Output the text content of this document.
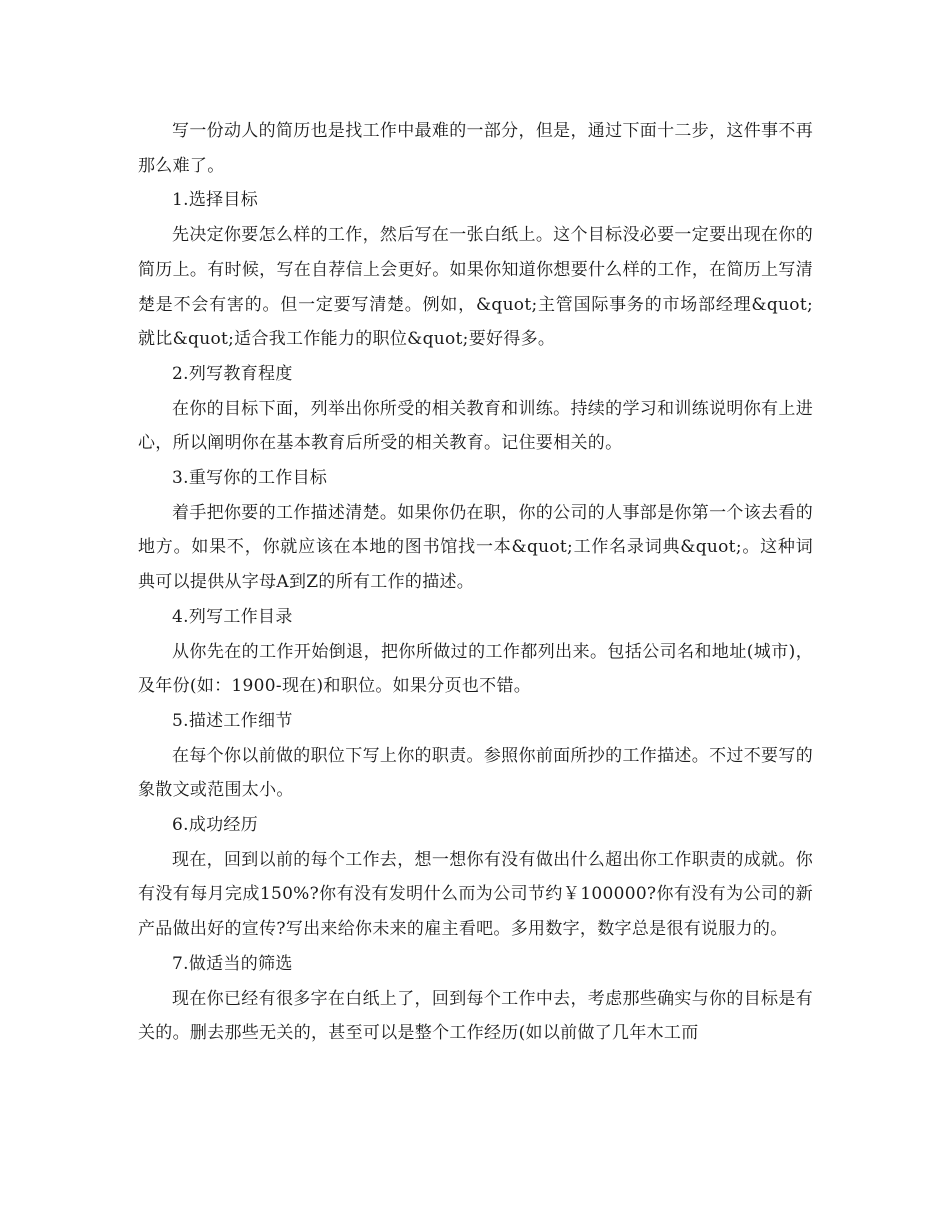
写一份动人的简历也是找工作中最难的一部分，但是，通过下面十二步，这件事不再那么难了。

1.选择目标

先决定你要怎么样的工作，然后写在一张白纸上。这个目标没必要一定要出现在你的简历上。有时候，写在自荐信上会更好。如果你知道你想要什么样的工作，在简历上写清楚是不会有害的。但一定要写清楚。例如，&quot;主管国际事务的市场部经理&quot;就比&quot;适合我工作能力的职位&quot;要好得多。

2.列写教育程度

在你的目标下面，列举出你所受的相关教育和训练。持续的学习和训练说明你有上进心，所以阐明你在基本教育后所受的相关教育。记住要相关的。

3.重写你的工作目标

着手把你要的工作描述清楚。如果你仍在职，你的公司的人事部是你第一个该去看的地方。如果不，你就应该在本地的图书馆找一本&quot;工作名录词典&quot;。这种词典可以提供从字母A到Z的所有工作的描述。

4.列写工作目录

从你先在的工作开始倒退，把你所做过的工作都列出来。包括公司名和地址(城市)，及年份(如：1900-现在)和职位。如果分页也不错。

5.描述工作细节

在每个你以前做的职位下写上你的职责。参照你前面所抄的工作描述。不过不要写的象散文或范围太小。

6.成功经历

现在，回到以前的每个工作去，想一想你有没有做出什么超出你工作职责的成就。你有没有每月完成150%?你有没有发明什么而为公司节约￥100000?你有没有为公司的新产品做出好的宣传?写出来给你未来的雇主看吧。多用数字，数字总是很有说服力的。

7.做适当的筛选

现在你已经有很多字在白纸上了，回到每个工作中去，考虑那些确实与你的目标是有关的。删去那些无关的，甚至可以是整个工作经历(如以前做了几年木工而
